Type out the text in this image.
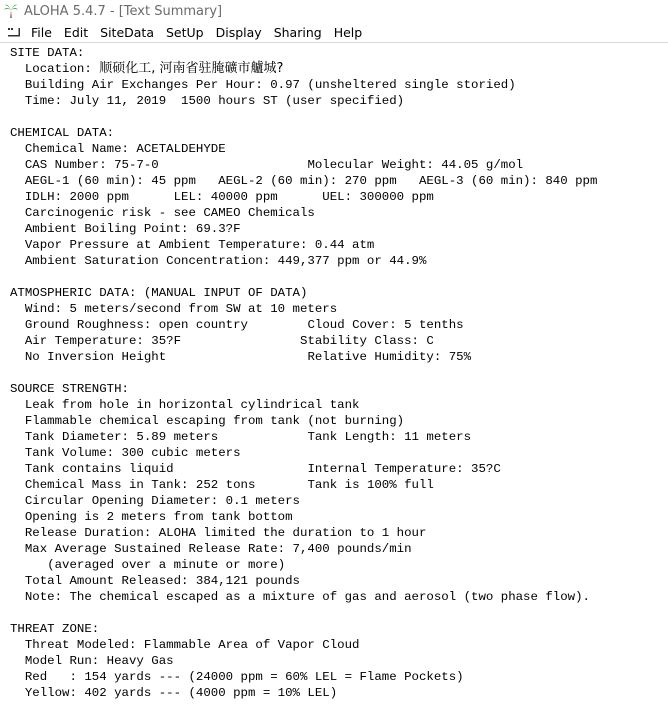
ALOHA 5.4.7 - [Text Summary]
File Edit SiteData SetUp Display Sharing Help
SITE DATA:
Location: 顺硕化工, 河南省驻腌礦市艫城?
Building Air Exchanges Per Hour: 0.97 (unsheltered single storied)
Time: July 11, 2019  1500 hours ST (user specified)

CHEMICAL DATA:
Chemical Name: ACETALDEHYDE
CAS Number: 75-7-0	Molecular Weight: 44.05 g/mol
AEGL-1 (60 min): 45 ppm   AEGL-2 (60 min): 270 ppm   AEGL-3 (60 min): 840 ppm
IDLH: 2000 ppm      LEL: 40000 ppm      UEL: 300000 ppm
Carcinogenic risk - see CAMEO Chemicals
Ambient Boiling Point: 69.3?F
Vapor Pressure at Ambient Temperature: 0.44 atm
Ambient Saturation Concentration: 449,377 ppm or 44.9%

ATMOSPHERIC DATA: (MANUAL INPUT OF DATA)
Wind: 5 meters/second from SW at 10 meters
Ground Roughness: open country	Cloud Cover: 5 tenths
Air Temperature: 35?F	Stability Class: C
No Inversion Height	Relative Humidity: 75%

SOURCE STRENGTH:
Leak from hole in horizontal cylindrical tank
Flammable chemical escaping from tank (not burning)
Tank Diameter: 5.89 meters	Tank Length: 11 meters
Tank Volume: 300 cubic meters
Tank contains liquid	Internal Temperature: 35?C
Chemical Mass in Tank: 252 tons	Tank is 100% full
Circular Opening Diameter: 0.1 meters
Opening is 2 meters from tank bottom
Release Duration: ALOHA limited the duration to 1 hour
Max Average Sustained Release Rate: 7,400 pounds/min
(averaged over a minute or more)
Total Amount Released: 384,121 pounds
Note: The chemical escaped as a mixture of gas and aerosol (two phase flow).

THREAT ZONE:
Threat Modeled: Flammable Area of Vapor Cloud
Model Run: Heavy Gas
Red   : 154 yards --- (24000 ppm = 60% LEL = Flame Pockets)
Yellow: 402 yards --- (4000 ppm = 10% LEL)
